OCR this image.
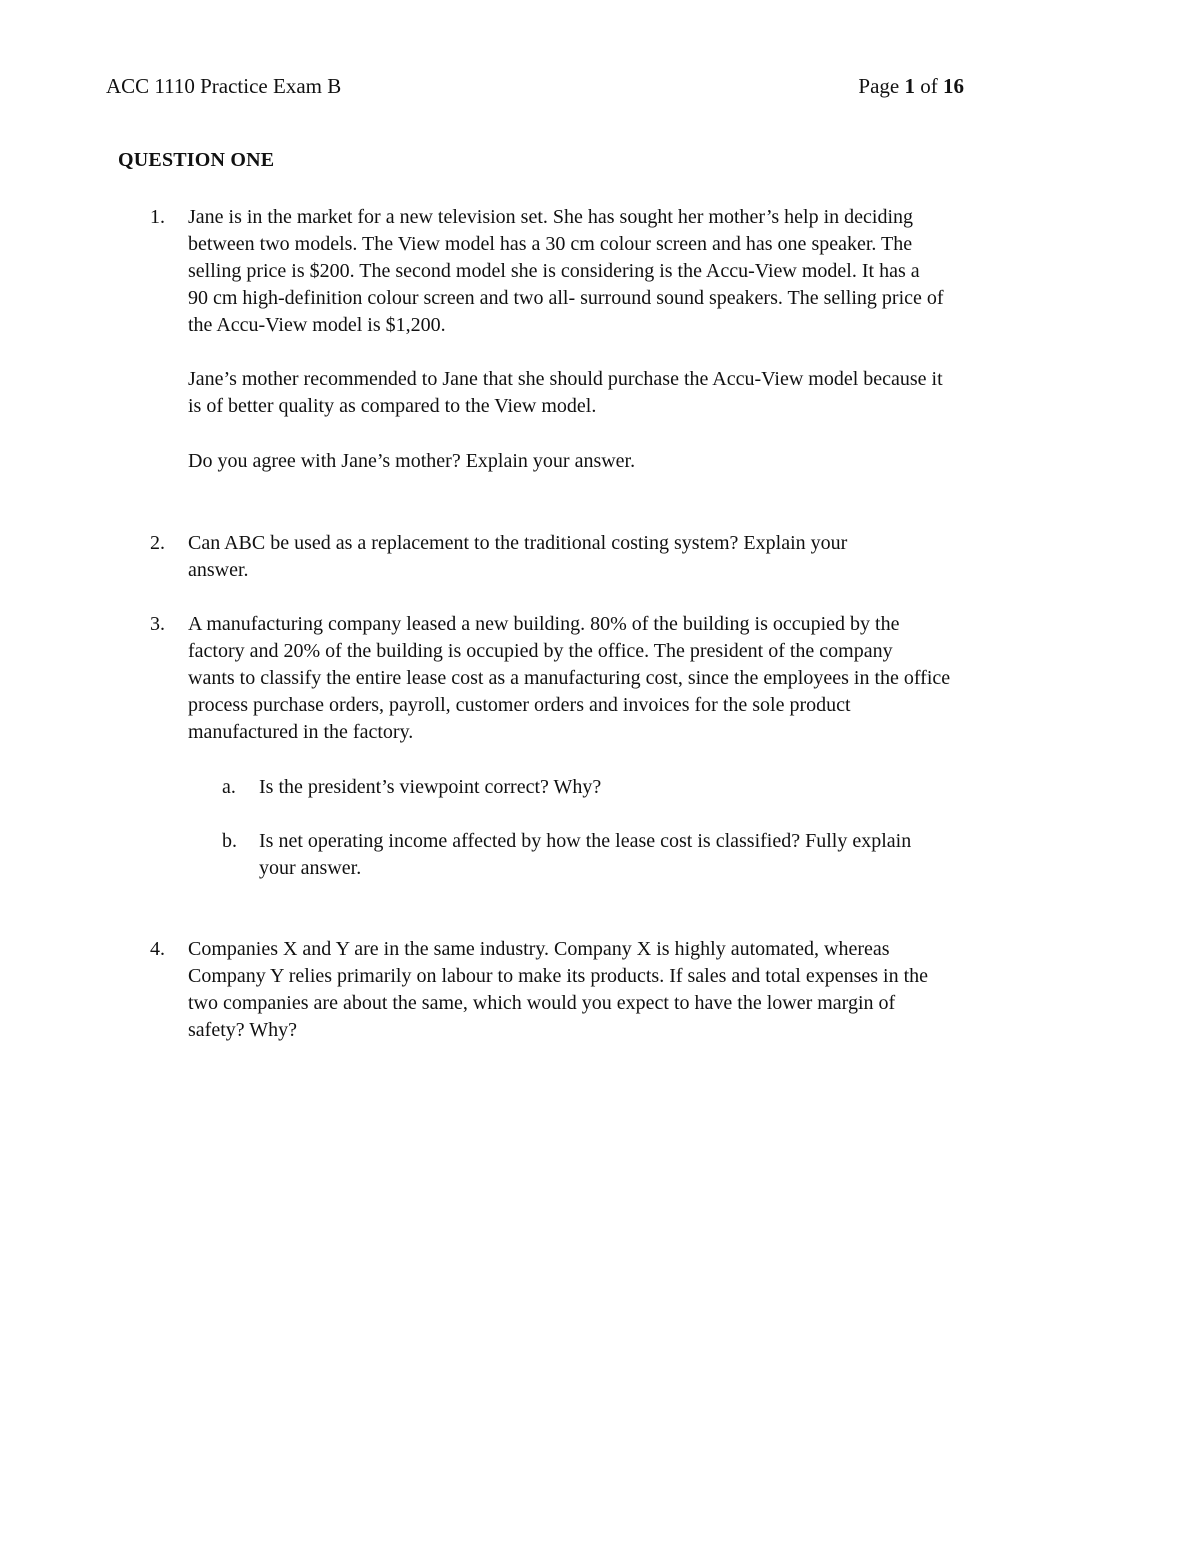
ACC 1110 Practice Exam B	Page 1 of 16
QUESTION ONE
1. Jane is in the market for a new television set. She has sought her mother’s help in deciding
between two models. The View model has a 30 cm colour screen and has one speaker. The
selling price is $200. The second model she is considering is the Accu-View model. It has a
90 cm high-definition colour screen and two all- surround sound speakers. The selling price of
the Accu-View model is $1,200.

Jane’s mother recommended to Jane that she should purchase the Accu-View model because it
is of better quality as compared to the View model.

Do you agree with Jane’s mother? Explain your answer.

2. Can ABC be used as a replacement to the traditional costing system? Explain your
answer.

3. A manufacturing company leased a new building. 80% of the building is occupied by the
factory and 20% of the building is occupied by the office. The president of the company
wants to classify the entire lease cost as a manufacturing cost, since the employees in the office
process purchase orders, payroll, customer orders and invoices for the sole product
manufactured in the factory.

a. Is the president’s viewpoint correct? Why?

b. Is net operating income affected by how the lease cost is classified? Fully explain
your answer.

4. Companies X and Y are in the same industry. Company X is highly automated, whereas
Company Y relies primarily on labour to make its products. If sales and total expenses in the
two companies are about the same, which would you expect to have the lower margin of
safety? Why?
